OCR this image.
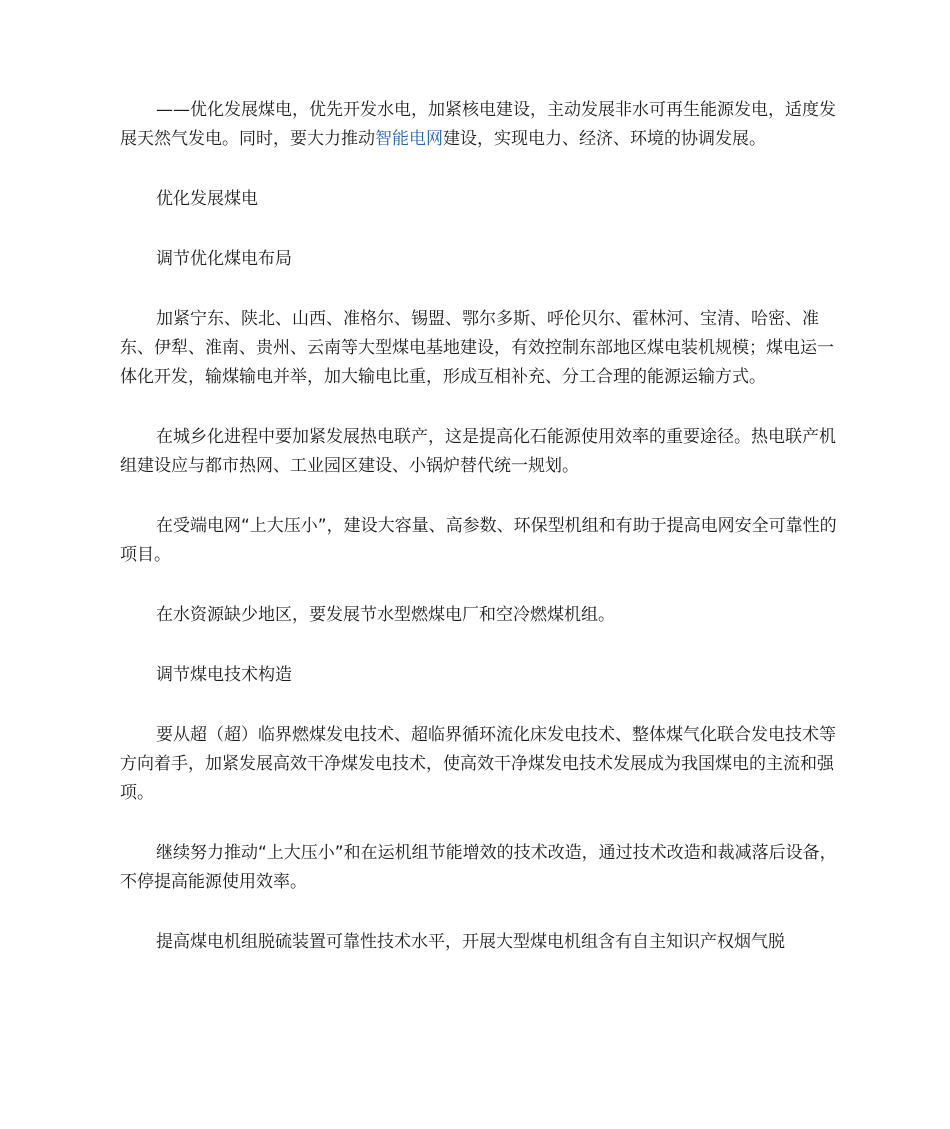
——优化发展煤电，优先开发水电，加紧核电建设，主动发展非水可再生能源发电，适度发展天然气发电。同时，要大力推动智能电网建设，实现电力、经济、环境的协调发展。

优化发展煤电

调节优化煤电布局

加紧宁东、陕北、山西、准格尔、锡盟、鄂尔多斯、呼伦贝尔、霍林河、宝清、哈密、准东、伊犁、淮南、贵州、云南等大型煤电基地建设，有效控制东部地区煤电装机规模；煤电运一体化开发，输煤输电并举，加大输电比重，形成互相补充、分工合理的能源运输方式。

在城乡化进程中要加紧发展热电联产，这是提高化石能源使用效率的重要途径。热电联产机组建设应与都市热网、工业园区建设、小锅炉替代统一规划。

在受端电网“上大压小”，建设大容量、高参数、环保型机组和有助于提高电网安全可靠性的项目。

在水资源缺少地区，要发展节水型燃煤电厂和空冷燃煤机组。

调节煤电技术构造

要从超（超）临界燃煤发电技术、超临界循环流化床发电技术、整体煤气化联合发电技术等方向着手，加紧发展高效干净煤发电技术，使高效干净煤发电技术发展成为我国煤电的主流和强项。

继续努力推动“上大压小”和在运机组节能增效的技术改造，通过技术改造和裁减落后设备，不停提高能源使用效率。

提高煤电机组脱硫装置可靠性技术水平，开展大型煤电机组含有自主知识产权烟气脱
